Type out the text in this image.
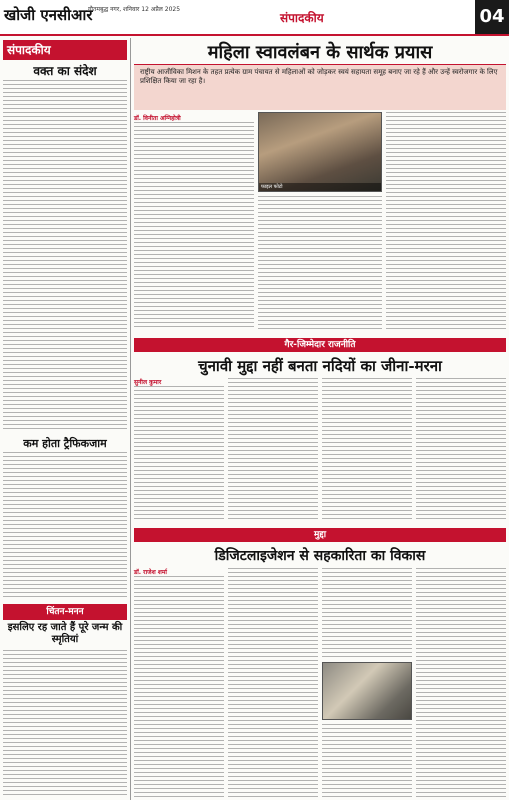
खोजी एनसीआर
गौतमबुद्ध नगर, शनिवार 12 अप्रैल 2025
संपादकीय	04
संपादकीय
वक्त का संदेश
कम होता ट्रैफिकजाम
चिंतन-मनन
इसलिए रह जाते हैं पूरे जन्म की स्मृतियां
महिला स्वावलंबन के सार्थक प्रयास
राष्ट्रीय आजीविका मिशन के तहत प्रत्येक ग्राम पंचायत से महिलाओं को जोड़कर स्वयं सहायता समूह बनाए जा रहे हैं और उन्हें स्वरोजगार के लिए प्रशिक्षित किया जा रहा है।
डॉ. विनीता अग्निहोत्री
फाइल फोटो
गैर-जिम्मेदार राजनीति
चुनावी मुद्दा नहीं बनता नदियों का जीना-मरना
सुनील कुमार
मुद्दा
डिजिटलाइजेशन से सहकारिता का विकास
डॉ. राजेश शर्मा
